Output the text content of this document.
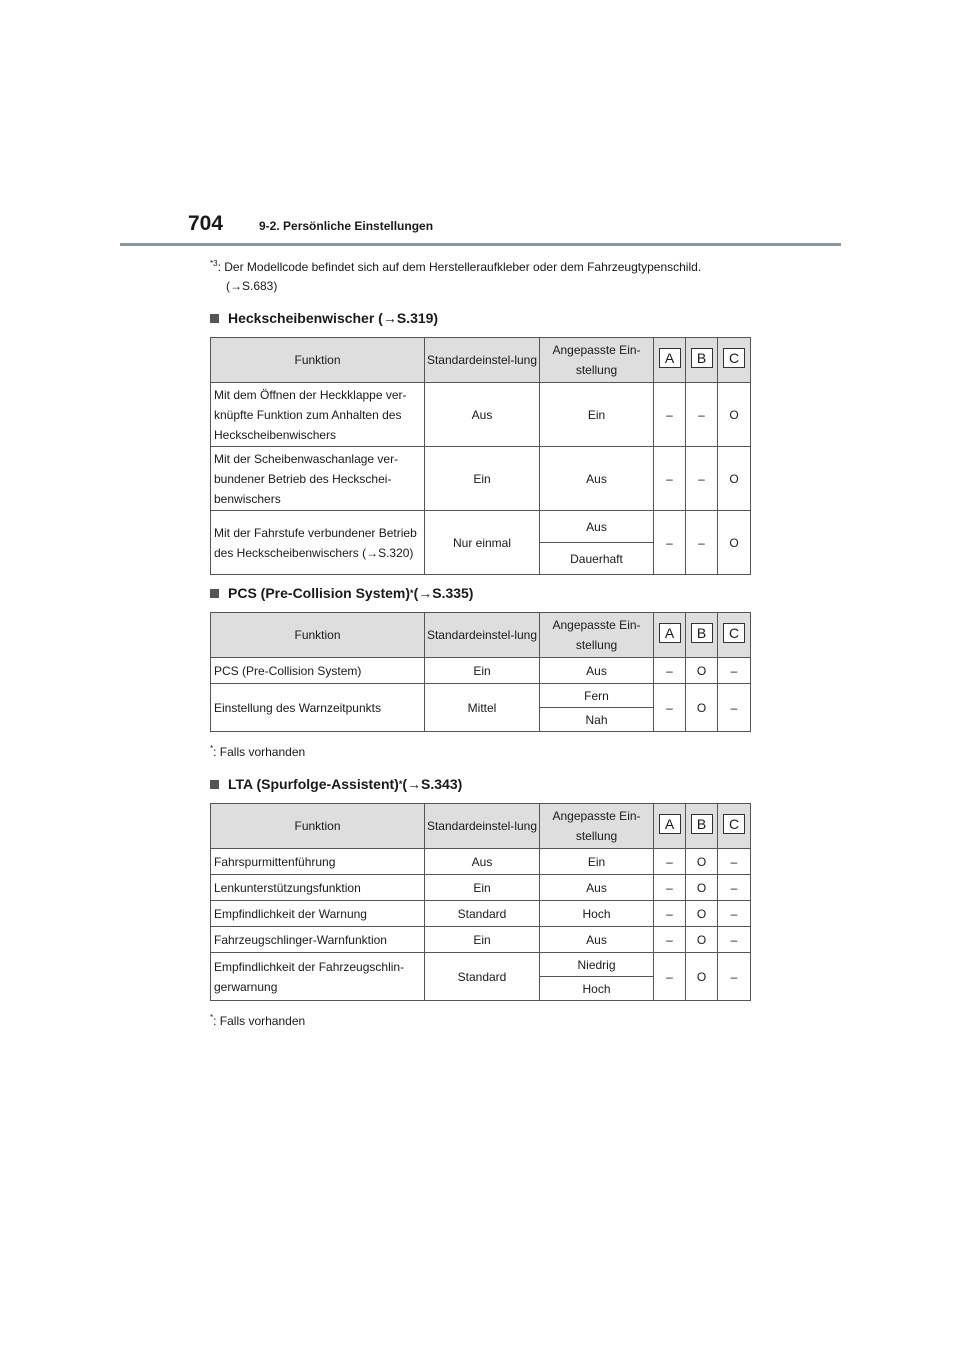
704	9-2. Persönliche Einstellungen
$^{*3}$: Der Modellcode befindet sich auf dem Herstelleraufkleber oder dem Fahrzeugtypenschild.
(→S.683)
Heckscheibenwischer (→S.319)
Funktion	Standardeinstel-lung	Angepasste Ein-stellung	A	B	C
Mit dem Öffnen der Heckklappe ver-knüpfte Funktion zum Anhalten des Heckscheibenwischers	Aus	Ein	–	–	O
Mit der Scheibenwaschanlage ver-bundener Betrieb des Heckschei-benwischers	Ein	Aus	–	–	O
Mit der Fahrstufe verbundener Betrieb des Heckscheibenwischers (→S.320)	Nur einmal	Aus	–	–	O
		Dauerhaft			
PCS (Pre-Collision System) * (→S.335)
Funktion	Standardeinstel-lung	Angepasste Ein-stellung	A	B	C
PCS (Pre-Collision System)	Ein	Aus	–	O	–
Einstellung des Warnzeitpunkts	Mittel	Fern	–	O	–
		Nah			
*: Falls vorhanden
LTA (Spurfolge-Assistent) * (→S.343)
Funktion	Standardeinstel-lung	Angepasste Ein-stellung	A	B	C
Fahrspurmittenführung	Aus	Ein	–	O	–
Lenkunterstützungsfunktion	Ein	Aus	–	O	–
Empfindlichkeit der Warnung	Standard	Hoch	–	O	–
Fahrzeugschlinger-Warnfunktion	Ein	Aus	–	O	–
Empfindlichkeit der Fahrzeugschlin-gerwarnung	Standard	Niedrig	–	O	–
		Hoch			
*: Falls vorhanden
